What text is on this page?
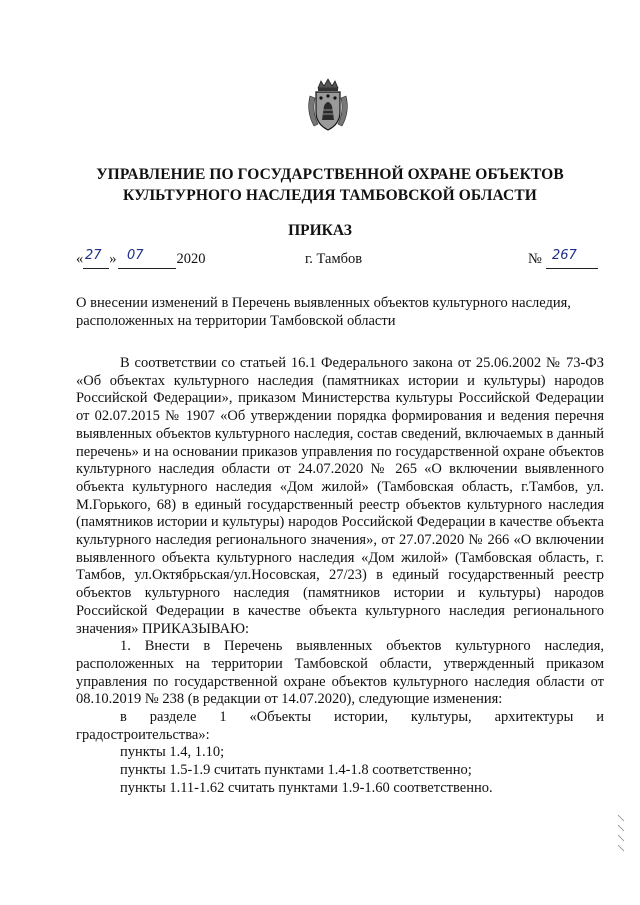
УПРАВЛЕНИЕ ПО ГОСУДАРСТВЕННОЙ ОХРАНЕ ОБЪЕКТОВ
КУЛЬТУРНОГО НАСЛЕДИЯ ТАМБОВСКОЙ ОБЛАСТИ
ПРИКАЗ
« »	2020
27 07	г. Тамбов	№ 267
О внесении изменений в Перечень выявленных объектов культурного наследия,
расположенных на территории Тамбовской области

В соответствии со статьей 16.1 Федерального закона от 25.06.2002 № 73-ФЗ «Об объектах культурного наследия (памятниках истории и культуры) народов Российской Федерации», приказом Министерства культуры Российской Федерации от 02.07.2015 № 1907 «Об утверждении порядка формирования и ведения перечня выявленных объектов культурного наследия, состав сведений, включаемых в данный перечень» и на основании приказов управления по государственной охране объектов культурного наследия области от 24.07.2020 № 265 «О включении выявленного объекта культурного наследия «Дом жилой» (Тамбовская область, г.Тамбов, ул. М.Горького, 68) в единый государственный реестр объектов культурного наследия (памятников истории и культуры) народов Российской Федерации в качестве объекта культурного наследия регионального значения», от 27.07.2020 № 266 «О включении выявленного объекта культурного наследия «Дом жилой» (Тамбовская область, г. Тамбов, ул.Октябрьская/ул.Носовская, 27/23) в единый государственный реестр объектов культурного наследия (памятников истории и культуры) народов Российской Федерации в качестве объекта культурного наследия регионального значения» ПРИКАЗЫВАЮ:

1. Внести в Перечень выявленных объектов культурного наследия, расположенных на территории Тамбовской области, утвержденный приказом управления по государственной охране объектов культурного наследия области от 08.10.2019 № 238 (в редакции от 14.07.2020), следующие изменения:

в разделе 1 «Объекты истории, культуры, архитектуры и градостроительства»:

пункты 1.4, 1.10;

пункты 1.5-1.9 считать пунктами 1.4-1.8 соответственно;

пункты 1.11-1.62 считать пунктами 1.9-1.60 соответственно.
